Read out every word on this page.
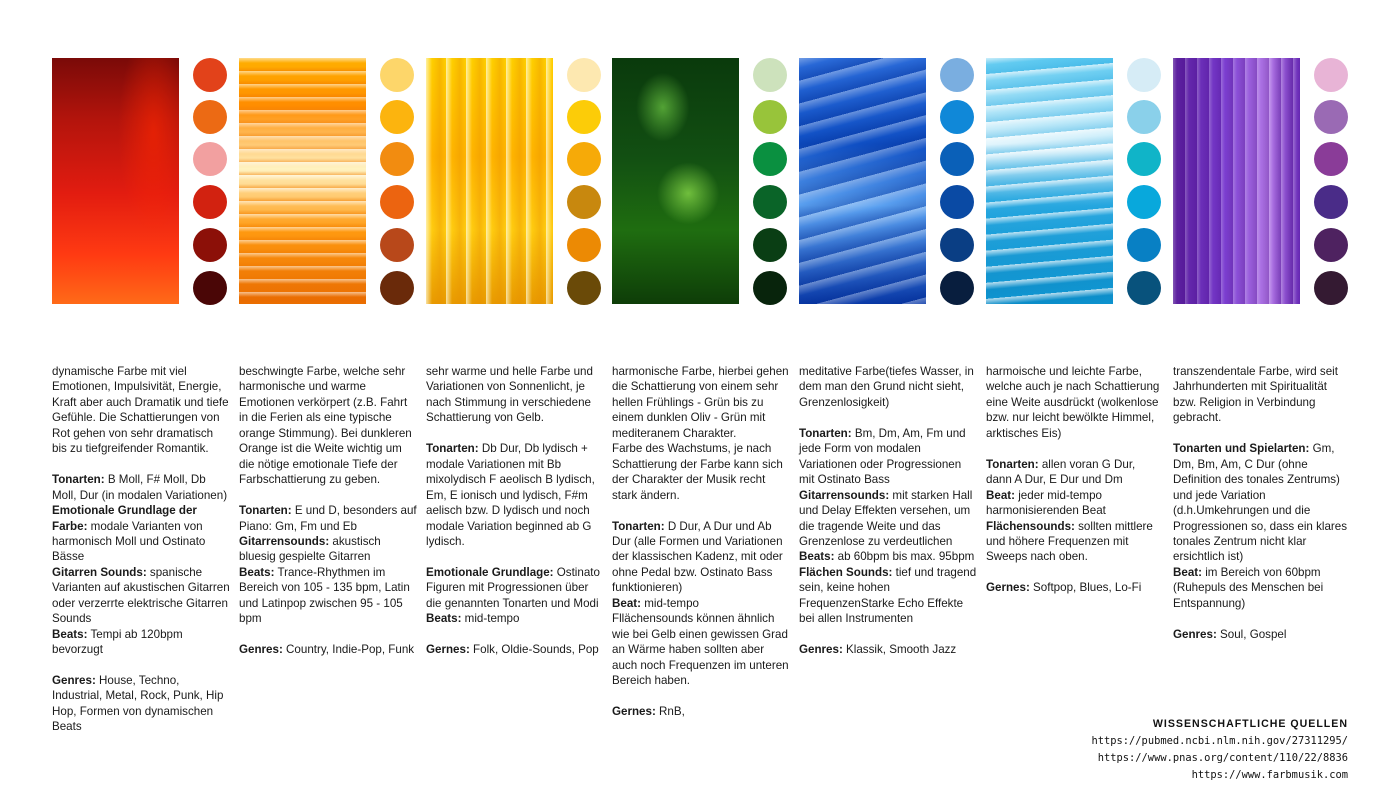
dynamische Farbe mit viel Emotionen, Impulsivität, Energie, Kraft aber auch Dramatik und tiefe Gefühle. Die Schattierungen von Rot gehen von sehr dramatisch bis zu tiefgreifender Romantik.

Tonarten: B Moll, F# Moll, Db Moll, Dur (in modalen Variationen)

Emotionale Grundlage der Farbe: modale Varianten von harmonisch Moll und Ostinato Bässe

Gitarren Sounds: spanische Varianten auf akustischen Gitarren oder verzerrte elektrische Gitarren Sounds

Beats: Tempi ab 120bpm bevorzugt

Genres: House, Techno, Industrial, Metal, Rock, Punk, Hip Hop, Formen von dynamischen Beats

beschwingte Farbe, welche sehr harmonische und warme Emotionen verkörpert (z.B. Fahrt in die Ferien als eine typische orange Stimmung). Bei dunkleren Orange ist die Weite wichtig um die nötige emotionale Tiefe der Farbschattierung zu geben.

Tonarten: E und D, besonders auf Piano: Gm, Fm und Eb

Gitarrensounds: akustisch bluesig gespielte Gitarren

Beats: Trance-Rhythmen im Bereich von 105 - 135 bpm, Latin und Latinpop zwischen 95 - 105 bpm

Genres: Country, Indie-Pop, Funk

sehr warme und helle Farbe und Variationen von Sonnenlicht, je nach Stimmung in verschiedene Schattierung von Gelb.

Tonarten: Db Dur, Db lydisch + modale Variationen mit Bb mixolydisch F aeolisch B lydisch, Em, E ionisch und lydisch, F#m aelisch bzw. D lydisch und noch modale Variation beginned ab G lydisch.

Emotionale Grundlage: Ostinato Figuren mit Progressionen über die genannten Tonarten und Modi

Beats: mid-tempo

Gernes: Folk, Oldie-Sounds, Pop

harmonische Farbe, hierbei gehen die Schattierung von einem sehr hellen Frühlings - Grün bis zu einem dunklen Oliv - Grün mit mediteranem Charakter.

Farbe des Wachstums, je nach Schattierung der Farbe kann sich der Charakter der Musik recht stark ändern.

Tonarten: D Dur, A Dur und Ab Dur (alle Formen und Variationen der klassischen Kadenz, mit oder ohne Pedal bzw. Ostinato Bass funktionieren)

Beat: mid-tempo

Fllächensounds können ähnlich wie bei Gelb einen gewissen Grad an Wärme haben sollten aber auch noch Frequenzen im unteren Bereich haben.

Gernes: RnB,

meditative Farbe(tiefes Wasser, in dem man den Grund nicht sieht, Grenzenlosigkeit)

Tonarten: Bm, Dm, Am, Fm und jede Form von modalen Variationen oder Progressionen mit Ostinato Bass

Gitarrensounds: mit starken Hall und Delay Effekten versehen, um die tragende Weite und das Grenzenlose zu verdeutlichen

Beats: ab 60bpm bis max. 95bpm

Flächen Sounds: tief und tragend sein, keine hohen FrequenzenStarke Echo Effekte bei allen Instrumenten

Genres: Klassik, Smooth Jazz

harmoische und leichte Farbe, welche auch je nach Schattierung eine Weite ausdrückt (wolkenlose bzw. nur leicht bewölkte Himmel, arktisches Eis)

Tonarten: allen voran G Dur, dann A Dur, E Dur und Dm

Beat: jeder mid-tempo harmonisierenden Beat

Flächensounds: sollten mittlere und höhere Frequenzen mit Sweeps nach oben.

Gernes: Softpop, Blues, Lo-Fi

transzendentale Farbe, wird seit Jahrhunderten mit Spiritualität bzw. Religion in Verbindung gebracht.

Tonarten und Spielarten: Gm, Dm, Bm, Am, C Dur (ohne Definition des tonales Zentrums) und jede Variation (d.h.Umkehrungen und die Progressionen so, dass ein klares tonales Zentrum nicht klar ersichtlich ist)

Beat: im Bereich von 60bpm (Ruhepuls des Menschen bei Entspannung)

Genres: Soul, Gospel

WISSENSCHAFTLICHE QUELLEN
https://pubmed.ncbi.nlm.nih.gov/27311295/
https://www.pnas.org/content/110/22/8836
https://www.farbmusik.com
